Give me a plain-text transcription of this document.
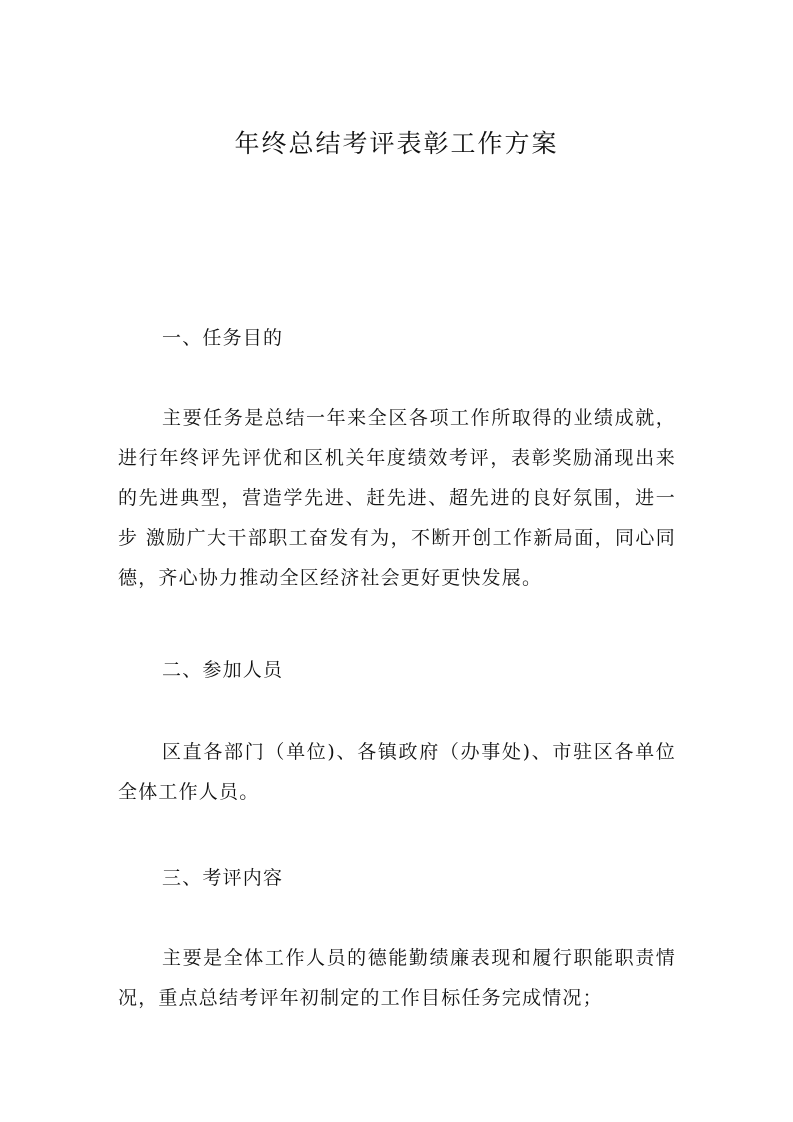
年终总结考评表彰工作方案

一、任务目的

主要任务是总结一年来全区各项工作所取得的业绩成就，进行年终评先评优和区机关年度绩效考评，表彰奖励涌现出来的先进典型，营造学先进、赶先进、超先进的良好氛围，进一步 激励广大干部职工奋发有为，不断开创工作新局面，同心同德，齐心协力推动全区经济社会更好更快发展。

二、参加人员

区直各部门（单位)、各镇政府（办事处)、市驻区各单位全体工作人员。

三、考评内容

主要是全体工作人员的德能勤绩廉表现和履行职能职责情况，重点总结考评年初制定的工作目标任务完成情况；
